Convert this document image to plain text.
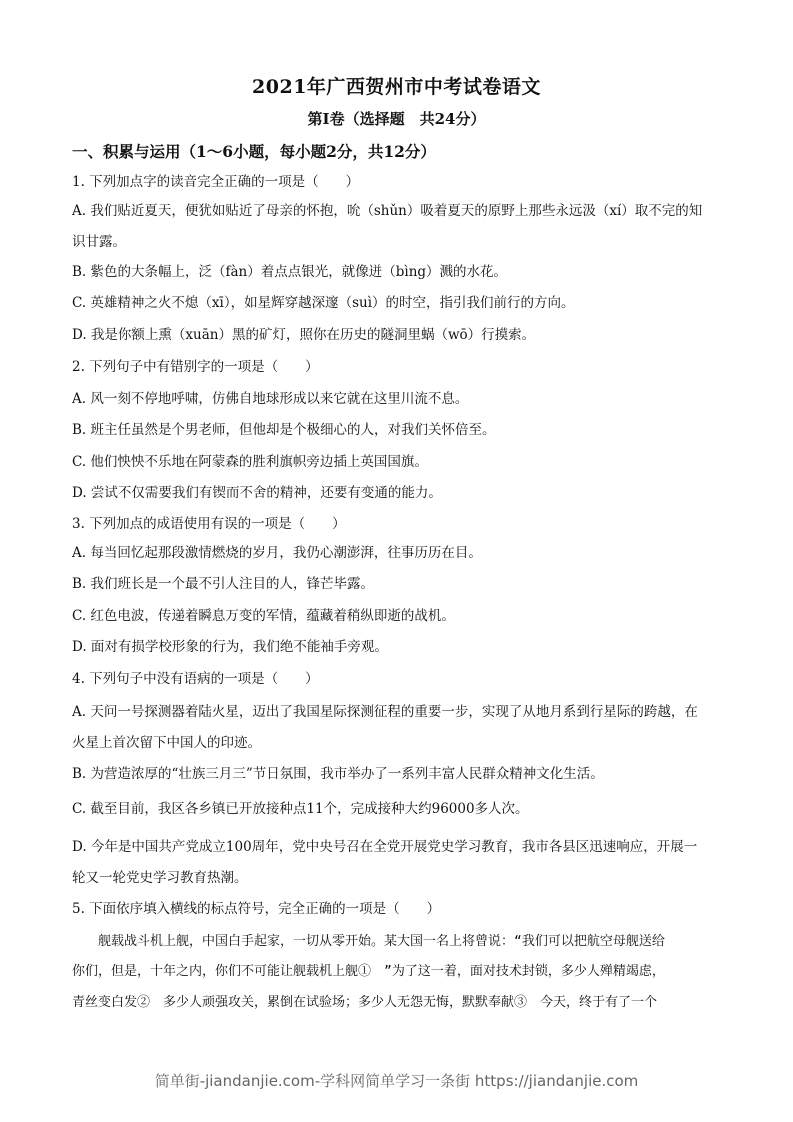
2021年广西贺州市中考试卷语文
第Ⅰ卷（选择题　共24分）
一、积累与运用（1～6小题，每小题2分，共12分）
1. 下列加点字的读音完全正确的一项是（　　）
A. 我们贴近夏天，便犹如贴近了母亲的怀抱，吮（shǔn）吸着夏天的原野上那些永远汲（xí）取不完的知
识甘露。
B. 紫色的大条幅上，泛（fàn）着点点银光，就像迸（bìng）溅的水花。
C. 英雄精神之火不熄（xī），如星辉穿越深邃（suì）的时空，指引我们前行的方向。
D. 我是你额上熏（xuān）黑的矿灯，照你在历史的隧洞里蜗（wō）行摸索。
2. 下列句子中有错别字的一项是（　　）
A. 风一刻不停地呼啸，仿佛自地球形成以来它就在这里川流不息。
B. 班主任虽然是个男老师，但他却是个极细心的人，对我们关怀倍至。
C. 他们怏怏不乐地在阿蒙森的胜利旗帜旁边插上英国国旗。
D. 尝试不仅需要我们有锲而不舍的精神，还要有变通的能力。
3. 下列加点的成语使用有误的一项是（　　）
A. 每当回忆起那段激情燃烧的岁月，我仍心潮澎湃，往事历历在目。
B. 我们班长是一个最不引人注目的人，锋芒毕露。
C. 红色电波，传递着瞬息万变的军情，蕴藏着稍纵即逝的战机。
D. 面对有损学校形象的行为，我们绝不能袖手旁观。
4. 下列句子中没有语病的一项是（　　）
A. 天问一号探测器着陆火星，迈出了我国星际探测征程的重要一步，实现了从地月系到行星际的跨越，在
火星上首次留下中国人的印迹。
B. 为营造浓厚的“壮族三月三”节日氛围，我市举办了一系列丰富人民群众精神文化生活。
C. 截至目前，我区各乡镇已开放接种点11个，完成接种大约96000多人次。
D. 今年是中国共产党成立100周年，党中央号召在全党开展党史学习教育，我市各县区迅速响应，开展一
轮又一轮党史学习教育热潮。
5. 下面依序填入横线的标点符号，完全正确的一项是（　　）
　　舰载战斗机上舰，中国白手起家，一切从零开始。某大国一名上将曾说：“我们可以把航空母舰送给
你们，但是，十年之内，你们不可能让舰载机上舰①　”为了这一着，面对技术封锁，多少人殚精竭虑，
青丝变白发②　多少人顽强攻关，累倒在试验场；多少人无怨无悔，默默奉献③　今天，终于有了一个
简单街-jiandanjie.com-学科网简单学习一条街 https://jiandanjie.com
